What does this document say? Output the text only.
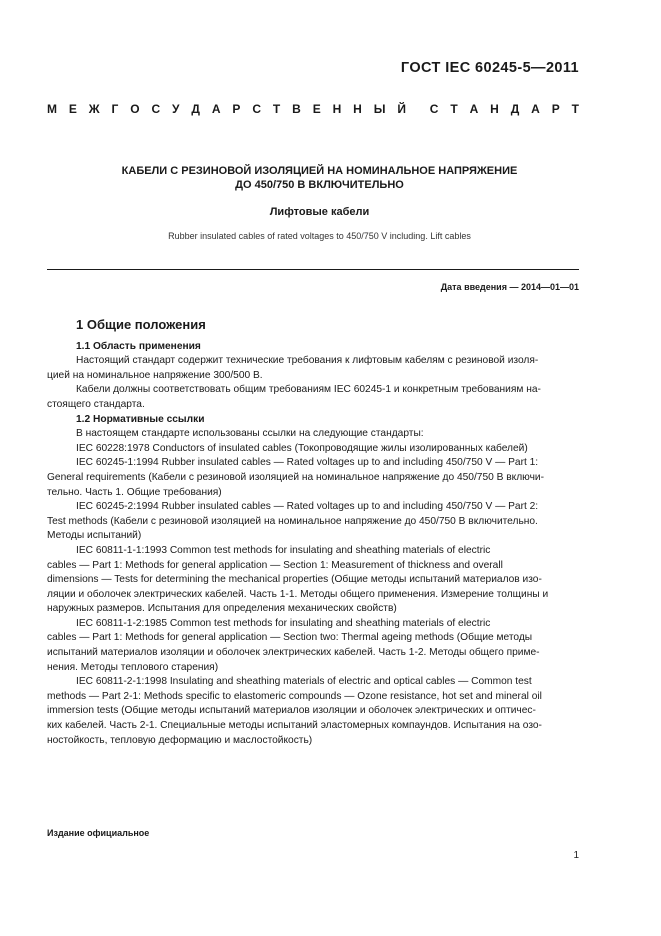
ГОСТ IEC 60245-5—2011
М Е Ж Г О С У Д А Р С Т В Е Н Н Ы Й С Т А Н Д А Р Т
КАБЕЛИ С РЕЗИНОВОЙ ИЗОЛЯЦИЕЙ НА НОМИНАЛЬНОЕ НАПРЯЖЕНИЕ
ДО 450/750 В ВКЛЮЧИТЕЛЬНО
Лифтовые кабели
Rubber insulated cables of rated voltages to 450/750 V including. Lift cables
Дата введения — 2014—01—01
1 Общие положения
1.1 Область применения
Настоящий стандарт содержит технические требования к лифтовым кабелям с резиновой изоля-
цией на номинальное напряжение 300/500 В.
Кабели должны соответствовать общим требованиям IEC 60245-1 и конкретным требованиям на-
стоящего стандарта.
1.2 Нормативные ссылки
В настоящем стандарте использованы ссылки на следующие стандарты:
IEC 60228:1978 Conductors of insulated cables (Токопроводящие жилы изолированных кабелей)
IEC 60245-1:1994 Rubber insulated cables — Rated voltages up to and including 450/750 V — Part 1:
General requirements (Кабели с резиновой изоляцией на номинальное напряжение до 450/750 В включи-
тельно. Часть 1. Общие требования)
IEC 60245-2:1994 Rubber insulated cables — Rated voltages up to and including 450/750 V — Part 2:
Test methods (Кабели с резиновой изоляцией на номинальное напряжение до 450/750 В включительно.
Методы испытаний)
IEC 60811-1-1:1993 Common test methods for insulating and sheathing materials of electric
cables — Part 1: Methods for general application — Section 1: Measurement of thickness and overall
dimensions — Tests for determining the mechanical properties (Общие методы испытаний материалов изо-
ляции и оболочек электрических кабелей. Часть 1-1. Методы общего применения. Измерение толщины и
наружных размеров. Испытания для определения механических свойств)
IEC 60811-1-2:1985 Common test methods for insulating and sheathing materials of electric
cables — Part 1: Methods for general application — Section two: Thermal ageing methods (Общие методы
испытаний материалов изоляции и оболочек электрических кабелей. Часть 1-2. Методы общего приме-
нения. Методы теплового старения)
IEC 60811-2-1:1998 Insulating and sheathing materials of electric and optical cables — Common test
methods — Part 2-1: Methods specific to elastomeric compounds — Ozone resistance, hot set and mineral oil
immersion tests (Общие методы испытаний материалов изоляции и оболочек электрических и оптичес-
ких кабелей. Часть 2-1. Специальные методы испытаний эластомерных компаундов. Испытания на озо-
ностойкость, тепловую деформацию и маслостойкость)
Издание официальное
1
